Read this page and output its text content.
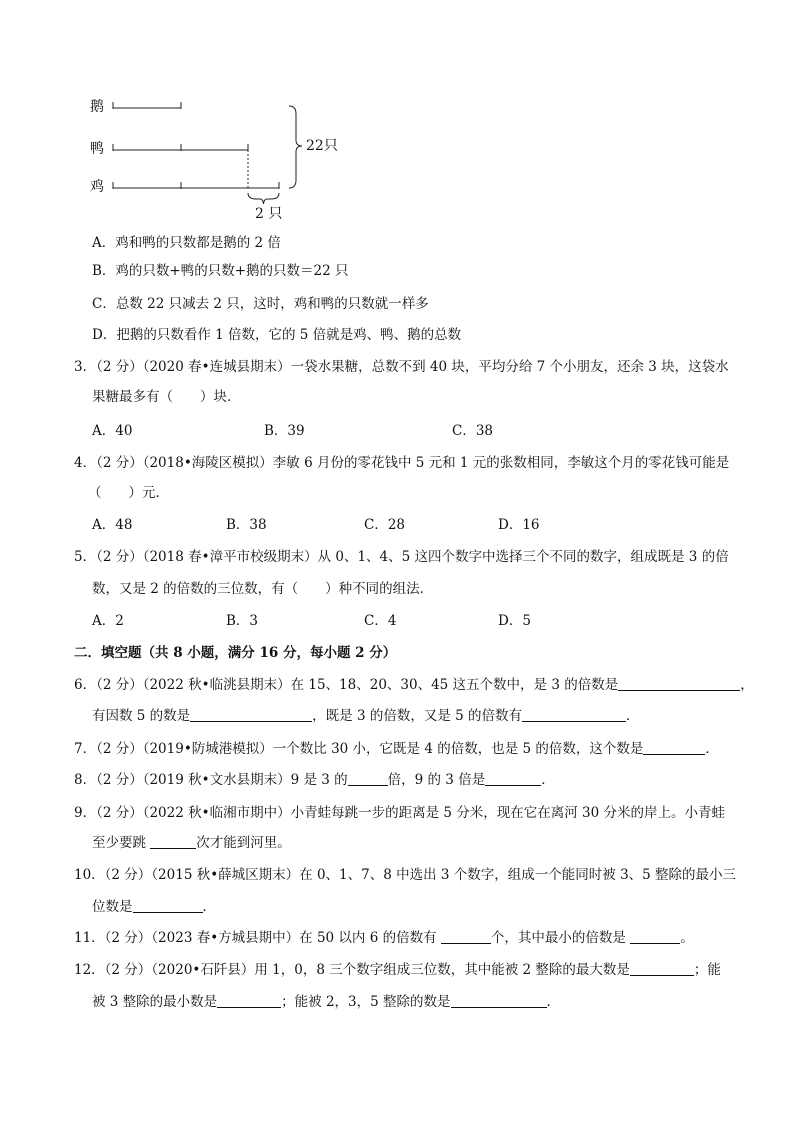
鹅
鸭
鸡
22只
2 只
A．鸡和鸭的只数都是鹅的 2 倍
B．鸡的只数+鸭的只数+鹅的只数＝22 只
C．总数 22 只减去 2 只，这时，鸡和鸭的只数就一样多
D．把鹅的只数看作 1 倍数，它的 5 倍就是鸡、鸭、鹅的总数
3．（2 分）（2020 春•连城县期末）一袋水果糖，总数不到 40 块，平均分给 7 个小朋友，还余 3 块，这袋水
果糖最多有（　　）块．
A．40	B．39	C．38
4．（2 分）（2018•海陵区模拟）李敏 6 月份的零花钱中 5 元和 1 元的张数相同，李敏这个月的零花钱可能是
（　　）元．
A．48	B．38	C．28	D．16
5．（2 分）（2018 春•漳平市校级期末）从 0、1、4、5 这四个数字中选择三个不同的数字，组成既是 3 的倍
数，又是 2 的倍数的三位数，有（　　）种不同的组法．
A．2	B．3	C．4	D．5
二．填空题（共 8 小题，满分 16 分，每小题 2 分）
6．（2 分）（2022 秋•临洮县期末）在 15、18、20、30、45 这五个数中，是 3 的倍数是	，
有因数 5 的数是	，既是 3 的倍数，又是 5 的倍数有	．
7．（2 分）（2019•防城港模拟）一个数比 30 小，它既是 4 的倍数，也是 5 的倍数，这个数是	．
8．（2 分）（2019 秋•文水县期末）9 是 3 的	倍，9 的 3 倍是	．
9．（2 分）（2022 秋•临湘市期中）小青蛙每跳一步的距离是 5 分米，现在它在离河 30 分米的岸上。小青蛙
至少要跳	次才能到河里。
10．（2 分）（2015 秋•薛城区期末）在 0、1、7、8 中选出 3 个数字，组成一个能同时被 3、5 整除的最小三
位数是	．
11．（2 分）（2023 春•方城县期中）在 50 以内 6 的倍数有	个，其中最小的倍数是	。
12．（2 分）（2020•石阡县）用 1，0，8 三个数字组成三位数，其中能被 2 整除的最大数是	；能
被 3 整除的最小数是	；能被 2，3，5 整除的数是	．
